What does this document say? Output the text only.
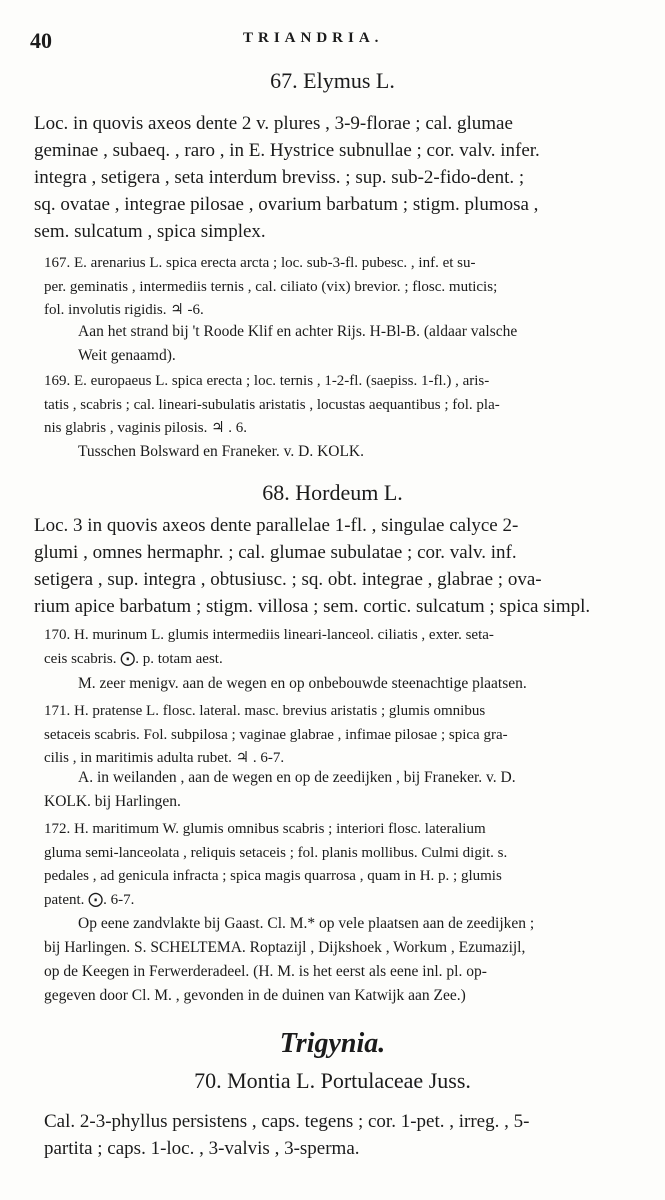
40	TRIANDRIA.
67. Elymus L.
Loc. in quovis axeos dente 2 v. plures , 3-9-florae ; cal. glumae
geminae , subaeq. , raro , in E. Hystrice subnullae ; cor. valv. infer.
integra , setigera , seta interdum breviss. ; sup. sub-2-fido-dent. ;
sq. ovatae , integrae pilosae , ovarium barbatum ; stigm. plumosa ,
sem. sulcatum , spica simplex.
167. E. arenarius L. spica erecta arcta ; loc. sub-3-fl. pubesc. , inf. et su-
per. geminatis , intermediis ternis , cal. ciliato (vix) brevior. ; flosc. muticis;
fol. involutis rigidis. ♃ -6.
Aan het strand bij 't Roode Klif en achter Rijs. H-Bl-B. (aldaar valsche
Weit genaamd).
169. E. europaeus L. spica erecta ; loc. ternis , 1-2-fl. (saepiss. 1-fl.) , aris-
tatis , scabris ; cal. lineari-subulatis aristatis , locustas aequantibus ; fol. pla-
nis glabris , vaginis pilosis. ♃ . 6.
Tusschen Bolsward en Franeker. v. D. KOLK.
68. Hordeum L.
Loc. 3 in quovis axeos dente parallelae 1-fl. , singulae calyce 2-
glumi , omnes hermaphr. ; cal. glumae subulatae ; cor. valv. inf.
setigera , sup. integra , obtusiusc. ; sq. obt. integrae , glabrae ; ova-
rium apice barbatum ; stigm. villosa ; sem. cortic. sulcatum ; spica simpl.
170. H. murinum L. glumis intermediis lineari-lanceol. ciliatis , exter. seta-
ceis scabris. ⨀. p. totam aest.
M. zeer menigv. aan de wegen en op onbebouwde steenachtige plaatsen.
171. H. pratense L. flosc. lateral. masc. brevius aristatis ; glumis omnibus
setaceis scabris. Fol. subpilosa ; vaginae glabrae , infimae pilosae ; spica gra-
cilis , in maritimis adulta rubet. ♃ . 6-7.
A. in weilanden , aan de wegen en op de zeedijken , bij Franeker. v. D.
KOLK. bij Harlingen.
172. H. maritimum W. glumis omnibus scabris ; interiori flosc. lateralium
gluma semi-lanceolata , reliquis setaceis ; fol. planis mollibus. Culmi digit. s.
pedales , ad genicula infracta ; spica magis quarrosa , quam in H. p. ; glumis
patent. ⨀. 6-7.
Op eene zandvlakte bij Gaast. Cl. M.* op vele plaatsen aan de zeedijken ;
bij Harlingen. S. SCHELTEMA. Roptazijl , Dijkshoek , Workum , Ezumazijl,
op de Keegen in Ferwerderadeel. (H. M. is het eerst als eene inl. pl. op-
gegeven door Cl. M. , gevonden in de duinen van Katwijk aan Zee.)
Trigynia.
70. Montia L. Portulaceae Juss.
Cal. 2-3-phyllus persistens , caps. tegens ; cor. 1-pet. , irreg. , 5-
partita ; caps. 1-loc. , 3-valvis , 3-sperma.
